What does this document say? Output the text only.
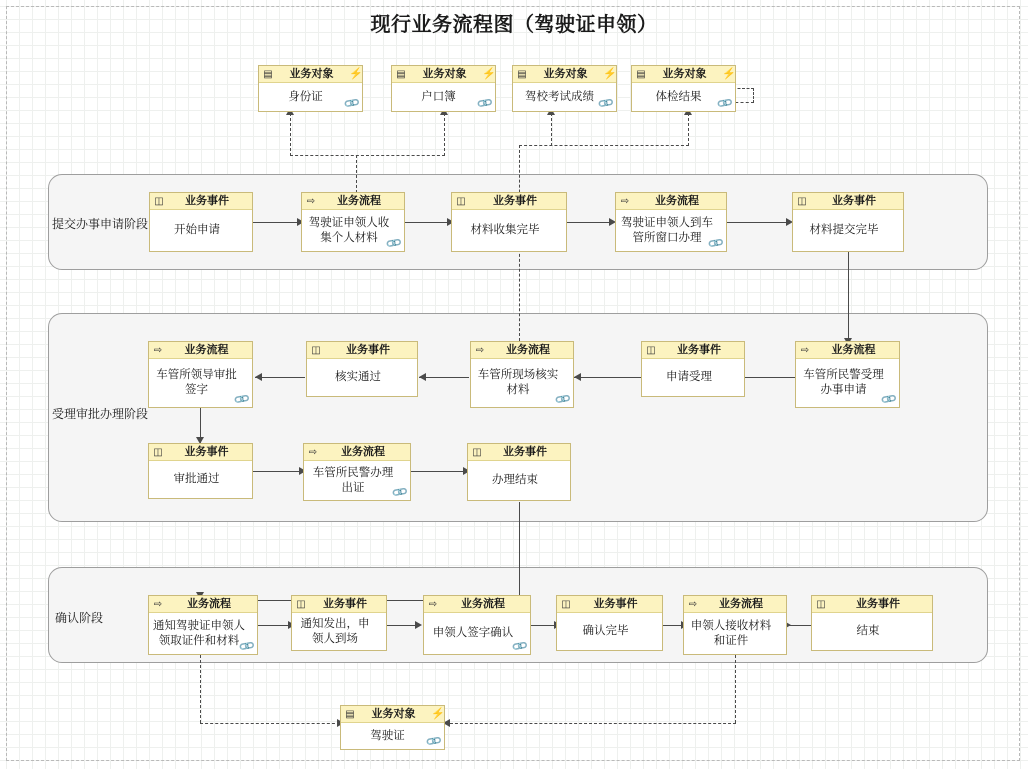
现行业务流程图（驾驶证申领）
提交办事申请阶段
受理审批办理阶段
确认阶段
▤	业务对象	⚡
身份证	🔗
▤	业务对象	⚡
户口簿	🔗
▤	业务对象	⚡
驾校考试成绩 🔗
▤	业务对象	⚡
体检结果	🔗
◫	业务事件
开始申请
⇨	业务流程
驾驶证申领人收集个人材料 🔗
◫	业务事件
材料收集完毕
⇨	业务流程
驾驶证申领人到车管所窗口办理 🔗
◫	业务事件
材料提交完毕
⇨	业务流程
车管所领导审批签字
🔗
◫	业务事件
核实通过
⇨	业务流程
车管所现场核实材料
🔗
◫	业务事件
申请受理
⇨	业务流程
车管所民警受理办事申请
🔗
◫	业务事件
审批通过
⇨	业务流程
车管所民警办理出证	🔗
◫	业务事件
办理结束
⇨	业务流程
通知驾驶证申领人领取证件和材料
🔗
◫	业务事件
通知发出，申领人到场
⇨	业务流程
申领人签字确认
🔗
◫	业务事件
确认完毕
⇨	业务流程
申领人接收材料和证件
◫	业务事件
结束
▤	业务对象	⚡
驾驶证	🔗
